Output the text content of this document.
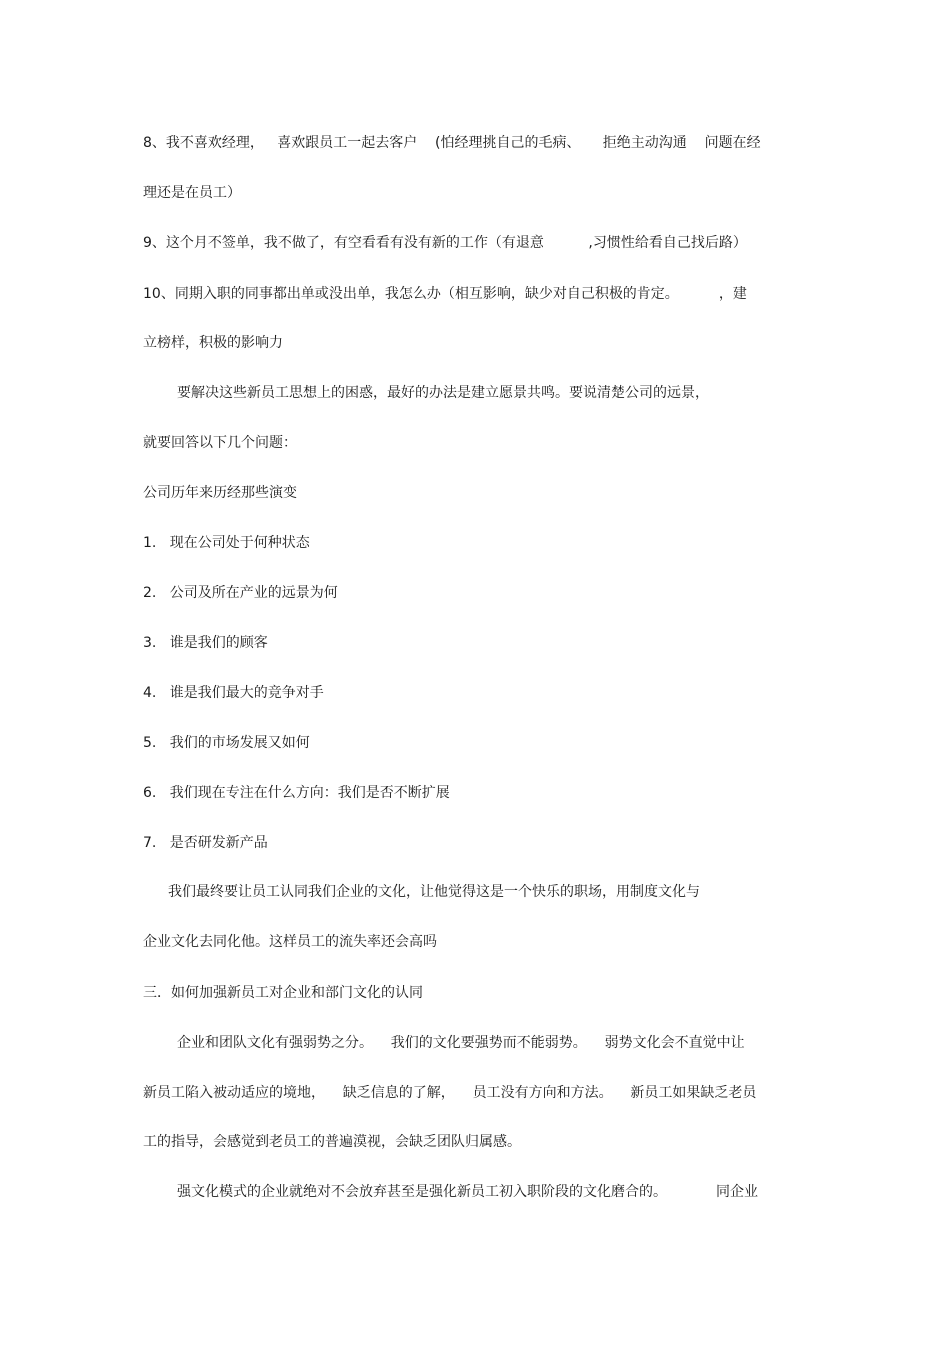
8、我不喜欢经理，   喜欢跟员工一起去客户    (怕经理挑自己的毛病、     拒绝主动沟通    问题在经

理还是在员工）

9、这个月不签单，我不做了，有空看看有没有新的工作（有退意          ,习惯性给看自己找后路）

10、同期入职的同事都出单或没出单，我怎么办（相互影响，缺少对自己积极的肯定。         ，建

立榜样，积极的影响力

要解决这些新员工思想上的困惑，最好的办法是建立愿景共鸣。要说清楚公司的远景，

就要回答以下几个问题：

公司历年来历经那些演变

1.   现在公司处于何种状态

2.   公司及所在产业的远景为何

3.   谁是我们的顾客

4.   谁是我们最大的竞争对手

5.   我们的市场发展又如何

6.   我们现在专注在什么方向：我们是否不断扩展

7.   是否研发新产品

我们最终要让员工认同我们企业的文化，让他觉得这是一个快乐的职场，用制度文化与

企业文化去同化他。这样员工的流失率还会高吗

三．如何加强新员工对企业和部门文化的认同

企业和团队文化有强弱势之分。    我们的文化要强势而不能弱势。    弱势文化会不直觉中让

新员工陷入被动适应的境地，    缺乏信息的了解，    员工没有方向和方法。    新员工如果缺乏老员

工的指导，会感觉到老员工的普遍漠视，会缺乏团队归属感。

强文化模式的企业就绝对不会放弃甚至是强化新员工初入职阶段的文化磨合的。           同企业
